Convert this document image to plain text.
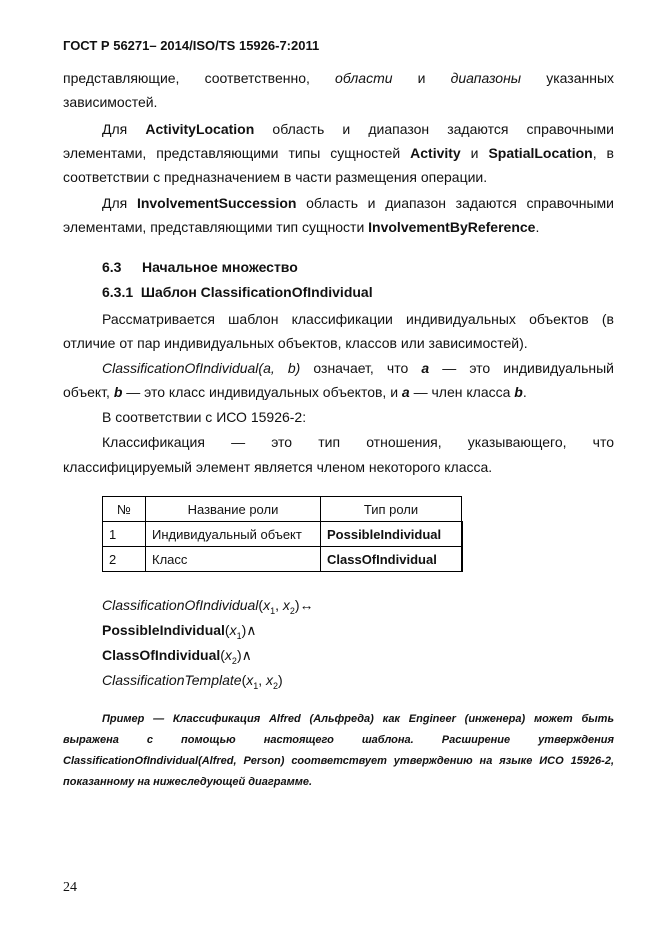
ГОСТ Р 56271– 2014/ISO/TS 15926-7:2011
представляющие, соответственно, области и диапазоны указанных
зависимостей.
Для ActivityLocation область и диапазон задаются справочными
элементами, представляющими типы сущностей Activity и SpatialLocation, в
соответствии с предназначением в части размещения операции.
Для InvolvementSuccession область и диапазон задаются справочными
элементами, представляющими тип сущности InvolvementByReference.
6.3 Начальное множество
6.3.1  Шаблон ClassificationOfIndividual
Рассматривается шаблон классификации индивидуальных объектов (в
отличие от пар индивидуальных объектов, классов или зависимостей).
ClassificationOfIndividual(a, b) означает, что a — это индивидуальный
объект, b — это класс индивидуальных объектов, и a — член класса b.
В соответствии с ИСО 15926-2:
Классификация — это тип отношения, указывающего, что
классифицируемый элемент является членом некоторого класса.
№	Название роли	Тип роли
1	Индивидуальный объект	PossibleIndividual
2	Класс	ClassOfIndividual
$ClassificationOfIndividual(x_1$, $x_2)\leftrightarrow$
$PossibleIndividual(x_1)\wedge$
$ClassOfIndividual(x_2)\wedge$
$ClassificationTemplate(x_1$, $x_2$)
Пример — Классификация Alfred (Альфреда) как Engineer (инженера) может быть
выражена	с	помощью	настоящего	шаблона.	Расширение	утверждения
ClassificationOfIndividual(Alfred, Person) соответствует утверждению на языке ИСО 15926-2,
показанному на нижеследующей диаграмме.
24
